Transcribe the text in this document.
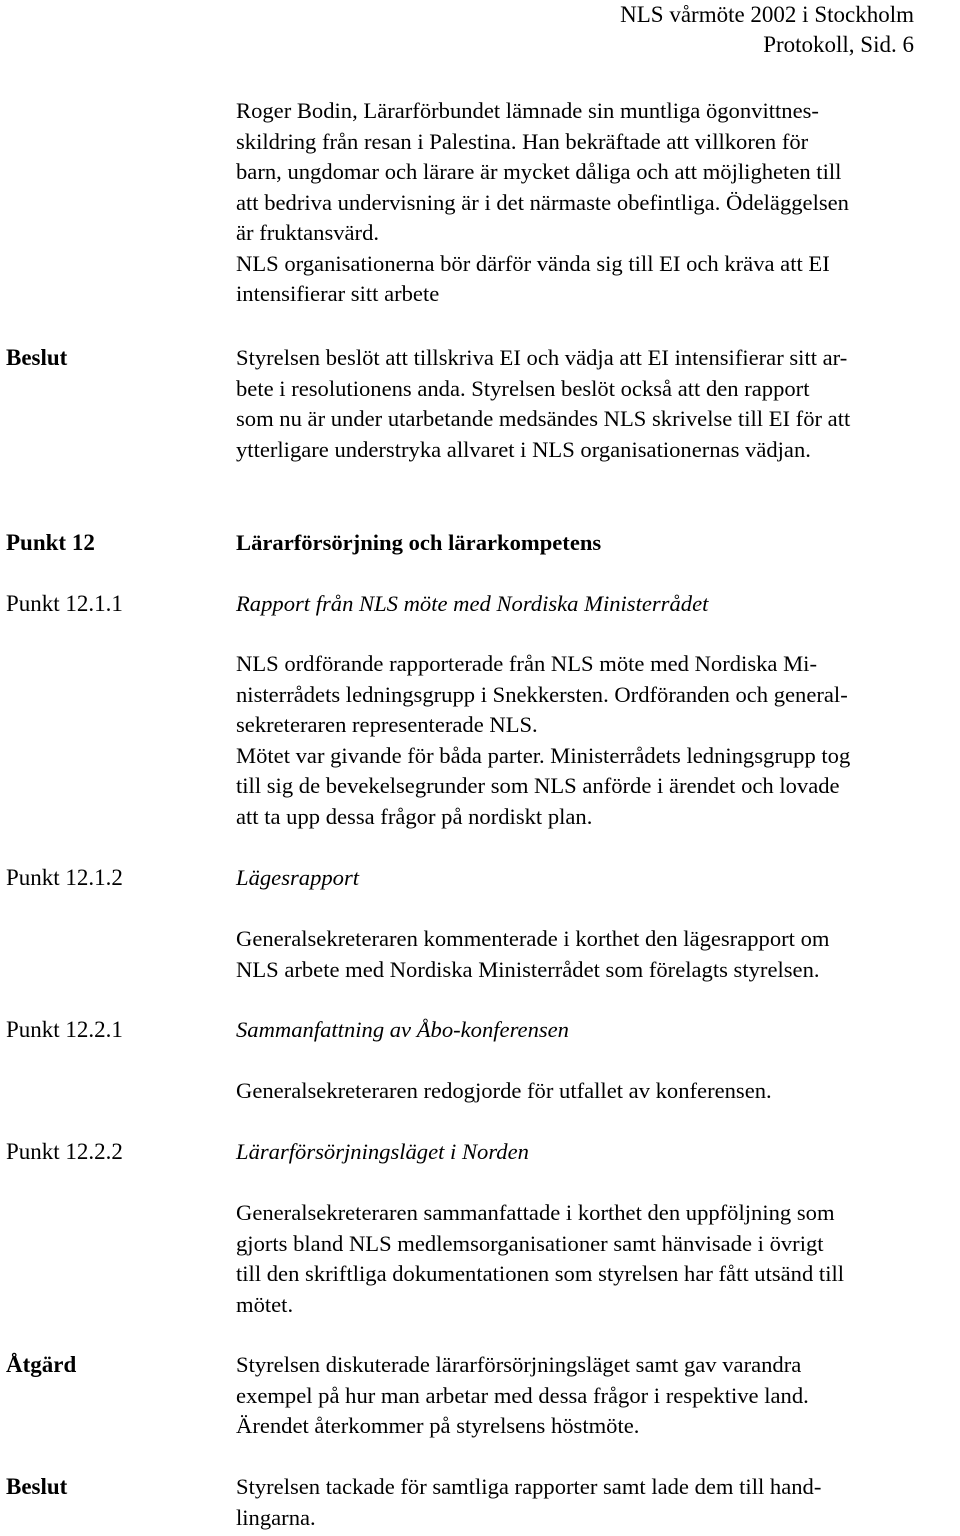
NLS vårmöte 2002 i Stockholm
Protokoll, Sid. 6
Roger Bodin, Lärarförbundet lämnade sin muntliga ögonvittnes-
skildring från resan i Palestina. Han bekräftade att villkoren för
barn, ungdomar och lärare är mycket dåliga och att möjligheten till
att bedriva undervisning är i det närmaste obefintliga. Ödeläggelsen
är fruktansvärd.
NLS organisationerna bör därför vända sig till EI och kräva att EI
intensifierar sitt arbete
Beslut	Styrelsen beslöt att tillskriva EI och vädja att EI intensifierar sitt ar-
bete i resolutionens anda. Styrelsen beslöt också att den rapport
som nu är under utarbetande medsändes NLS skrivelse till EI för att
ytterligare understryka allvaret i NLS organisationernas vädjan.
Punkt 12	Lärarförsörjning och lärarkompetens
Punkt 12.1.1	Rapport från NLS möte med Nordiska Ministerrådet
NLS ordförande rapporterade från NLS möte med Nordiska Mi-
nisterrådets ledningsgrupp i Snekkersten. Ordföranden och general-
sekreteraren representerade NLS.
Mötet var givande för båda parter. Ministerrådets ledningsgrupp tog
till sig de bevekelsegrunder som NLS anförde i ärendet och lovade
att ta upp dessa frågor på nordiskt plan.
Punkt 12.1.2	Lägesrapport
Generalsekreteraren kommenterade i korthet den lägesrapport om
NLS arbete med Nordiska Ministerrådet som förelagts styrelsen.
Punkt 12.2.1	Sammanfattning av Åbo-konferensen
Generalsekreteraren redogjorde för utfallet av konferensen.
Punkt 12.2.2	Lärarförsörjningsläget i Norden
Generalsekreteraren sammanfattade i korthet den uppföljning som
gjorts bland NLS medlemsorganisationer samt hänvisade i övrigt
till den skriftliga dokumentationen som styrelsen har fått utsänd till
mötet.
Åtgärd	Styrelsen diskuterade lärarförsörjningsläget samt gav varandra
exempel på hur man arbetar med dessa frågor i respektive land.
Ärendet återkommer på styrelsens höstmöte.
Beslut	Styrelsen tackade för samtliga rapporter samt lade dem till hand-
lingarna.
